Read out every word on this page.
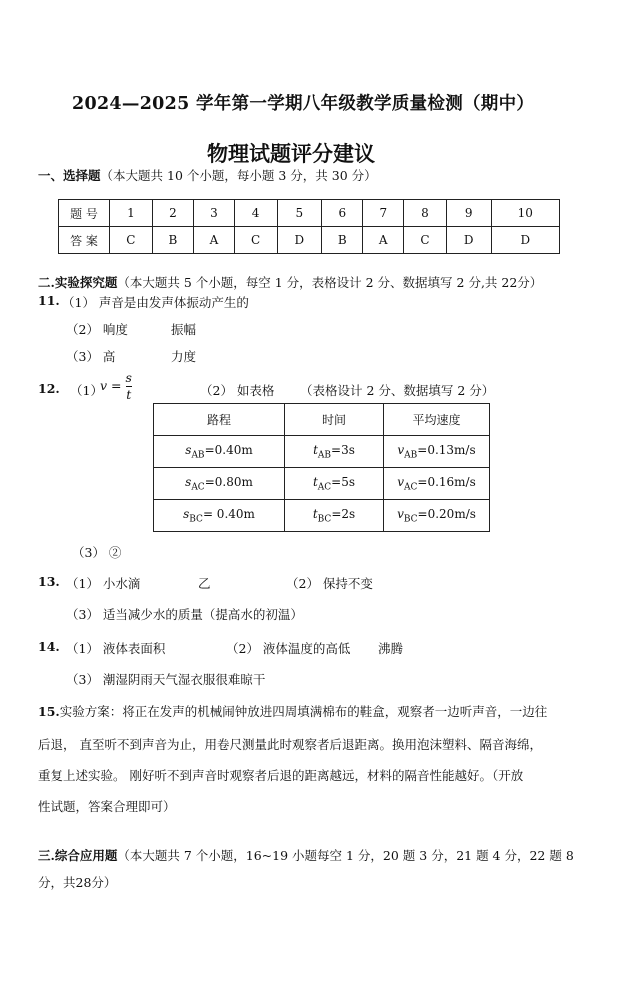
2024—2025 学年第一学期八年级教学质量检测（期中）
物理试题评分建议
一、选择题（本大题共 10 个小题，每小题 3 分，共 30 分）
题 号	1	2	3	4	5	6	7	8	9	10
答 案	C	B	A	C	D	B	A	C	D	D
二.实验探究题（本大题共 5 个小题，每空 1 分，表格设计 2 分、数据填写 2 分,共 22分）
11. （1） 声音是由发声体振动产生的
（2） 响度	振幅
（3） 高	力度
12. （1）
$v = \frac{s}{t}$	（2） 如表格 （表格设计 2 分、数据填写 2 分）
路程	时间	平均速度
$s_{AB}=0.40m$	$t_{AB}=3s$	$v_{AB}=0.13m/s$
$s_{AC}=0.80m$	$t_{AC}=5s$	$v_{AC}=0.16m/s$
$s_{BC}= 0.40m$	$t_{BC}=2s$	$v_{BC}=0.20m/s$
（3） ②
13. （1） 小水滴	乙	（2） 保持不变
（3） 适当减少水的质量（提高水的初温）
14. （1） 液体表面积	（2） 液体温度的高低 沸腾
（3） 潮湿阴雨天气湿衣服很难晾干
15.实验方案：将正在发声的机械闹钟放进四周填满棉布的鞋盒，观察者一边听声音，一边往
后退， 直至听不到声音为止，用卷尺测量此时观察者后退距离。换用泡沫塑料、隔音海绵，
重复上述实验。 刚好听不到声音时观察者后退的距离越远，材料的隔音性能越好。（开放
性试题，答案合理即可）
三.综合应用题（本大题共 7 个小题，16~19 小题每空 1 分，20 题 3 分，21 题 4 分，22 题 8
分，共28分）
